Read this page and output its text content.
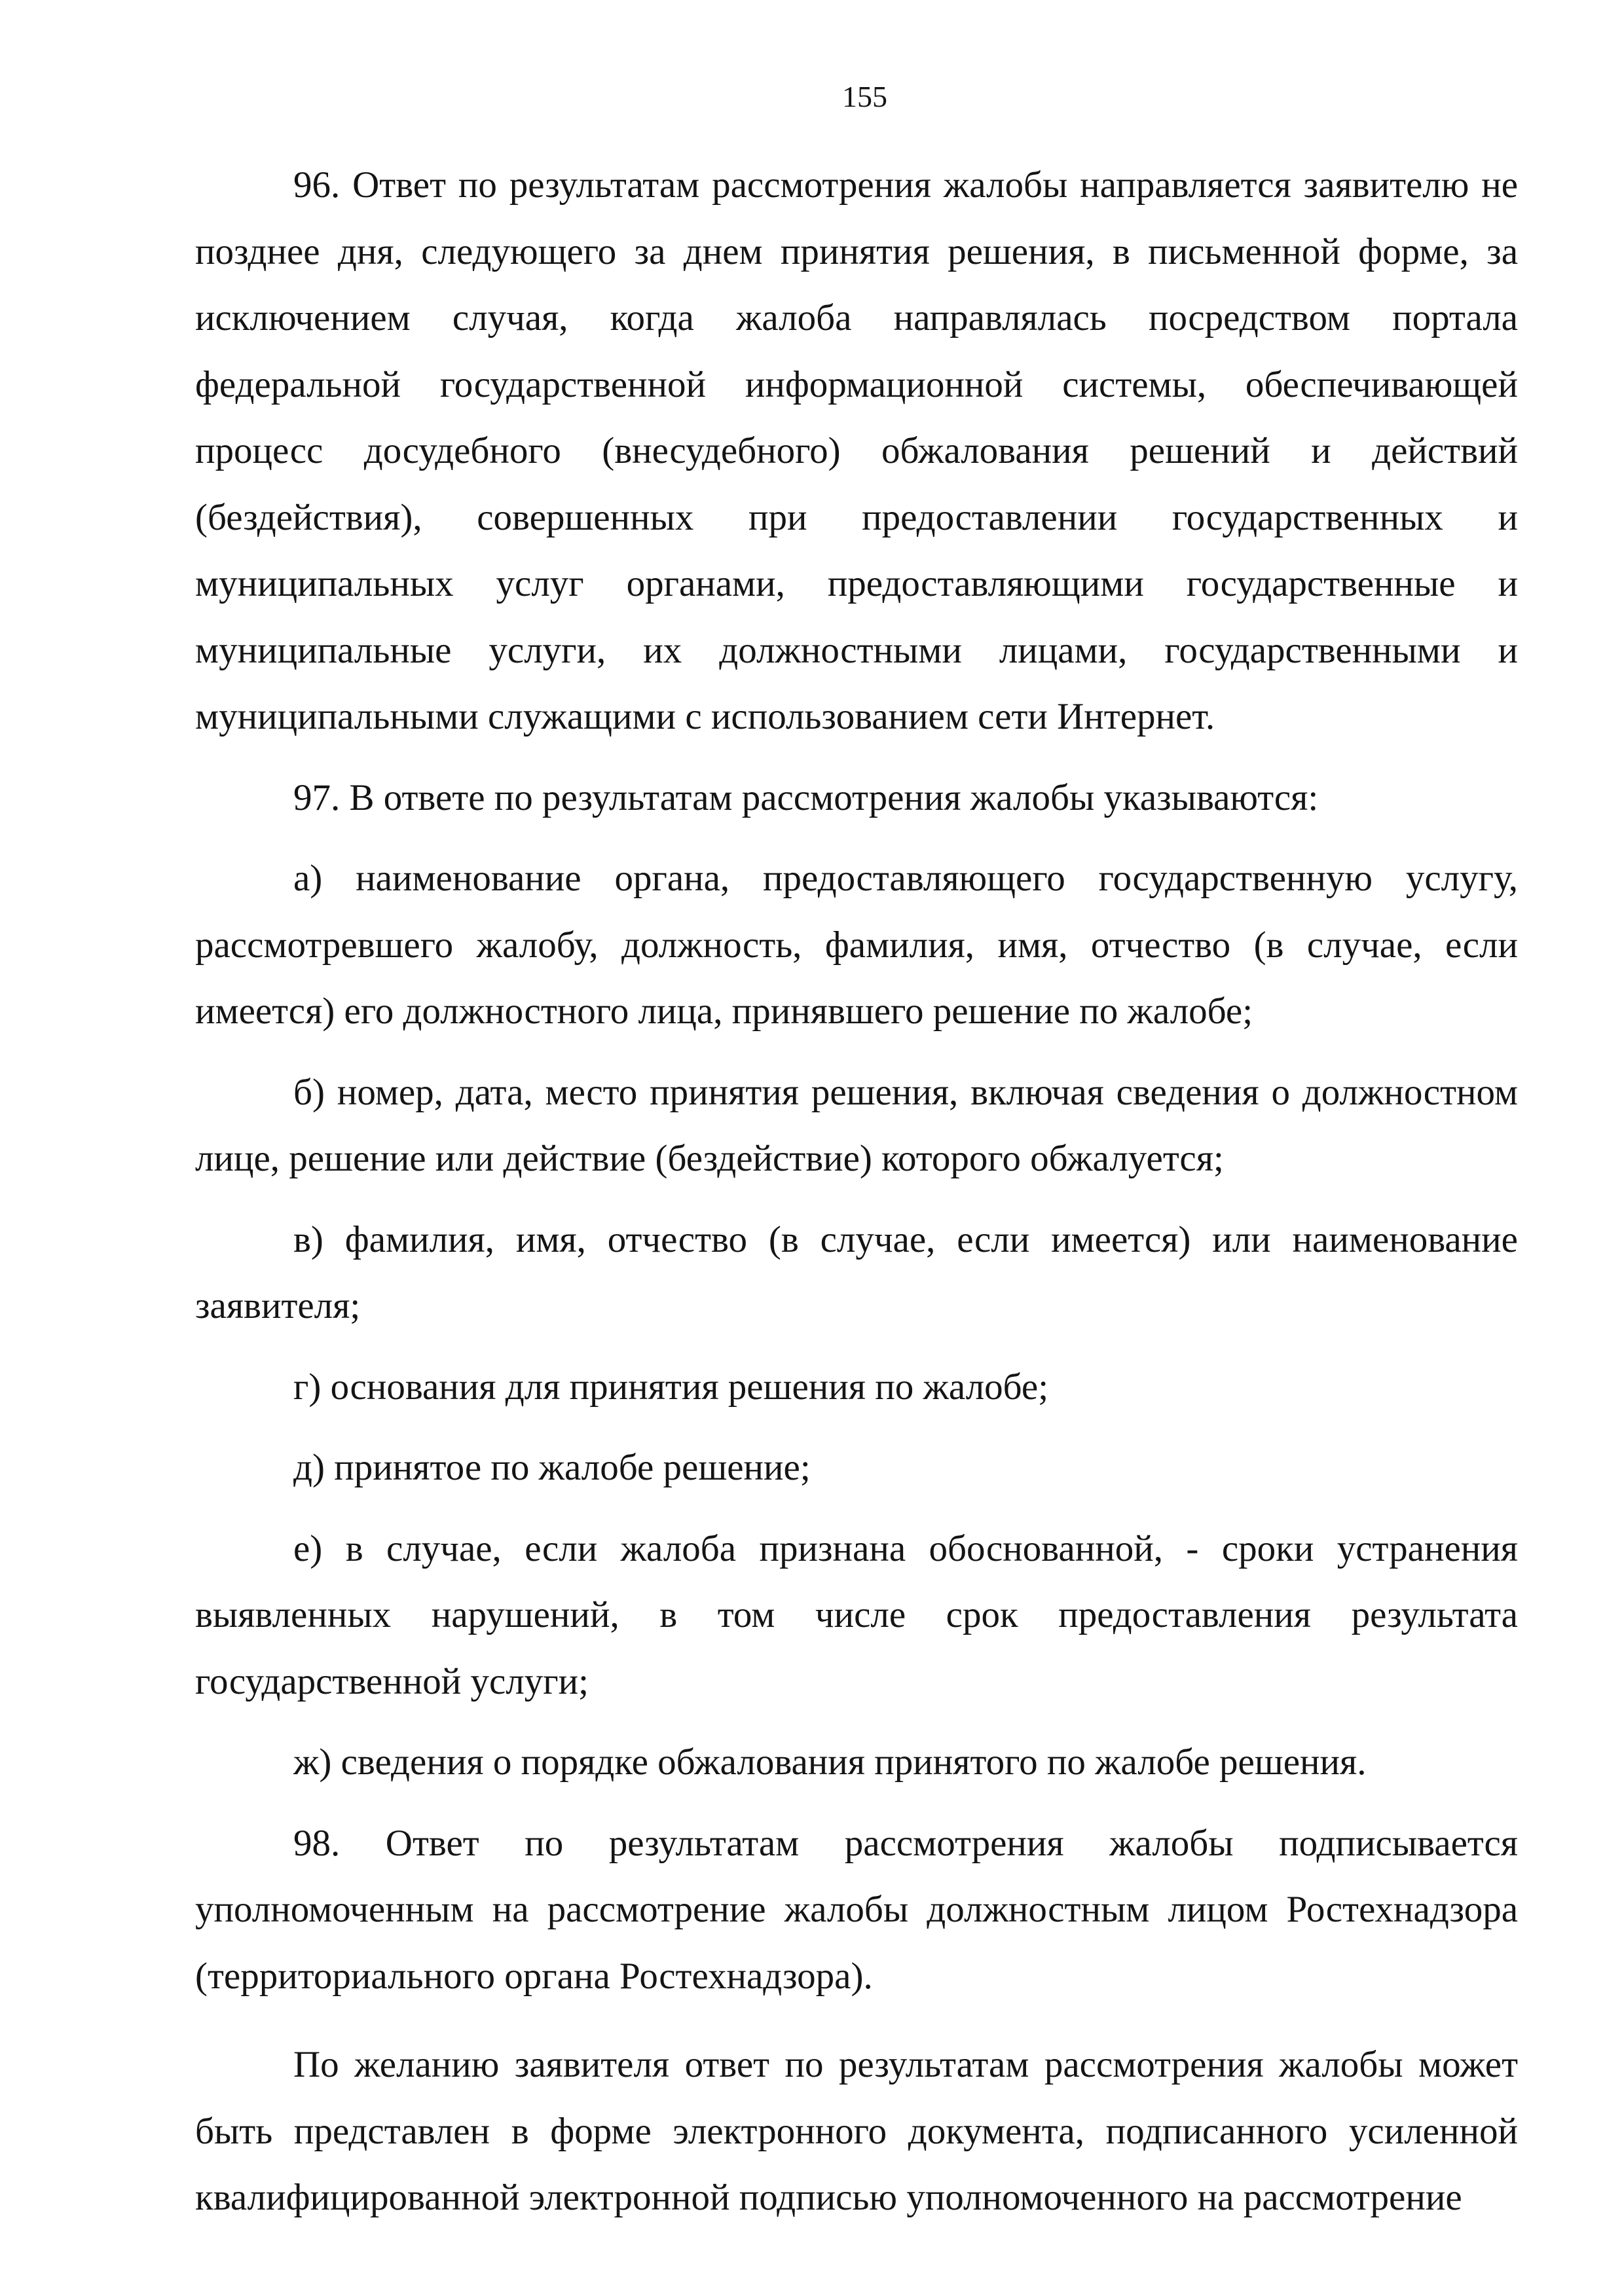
155

96. Ответ по результатам рассмотрения жалобы направляется заявителю не позднее дня, следующего за днем принятия решения, в письменной форме, за исключением случая, когда жалоба направлялась посредством портала федеральной государственной информационной системы, обеспечивающей процесс досудебного (внесудебного) обжалования решений и действий (бездействия), совершенных при предоставлении государственных и муниципальных услуг органами, предоставляющими государственные и муниципальные услуги, их должностными лицами, государственными и муниципальными служащими с использованием сети Интернет.

97. В ответе по результатам рассмотрения жалобы указываются:

а) наименование органа, предоставляющего государственную услугу, рассмотревшего жалобу, должность, фамилия, имя, отчество (в случае, если имеется) его должностного лица, принявшего решение по жалобе;

б) номер, дата, место принятия решения, включая сведения о должностном лице, решение или действие (бездействие) которого обжалуется;

в) фамилия, имя, отчество (в случае, если имеется) или наименование заявителя;

г) основания для принятия решения по жалобе;

д) принятое по жалобе решение;

е) в случае, если жалоба признана обоснованной, - сроки устранения выявленных нарушений, в том числе срок предоставления результата государственной услуги;

ж) сведения о порядке обжалования принятого по жалобе решения.

98. Ответ по результатам рассмотрения жалобы подписывается уполномоченным на рассмотрение жалобы должностным лицом Ростехнадзора (территориального органа Ростехнадзора).

По желанию заявителя ответ по результатам рассмотрения жалобы может быть представлен в форме электронного документа, подписанного усиленной квалифицированной электронной подписью уполномоченного на рассмотрение
